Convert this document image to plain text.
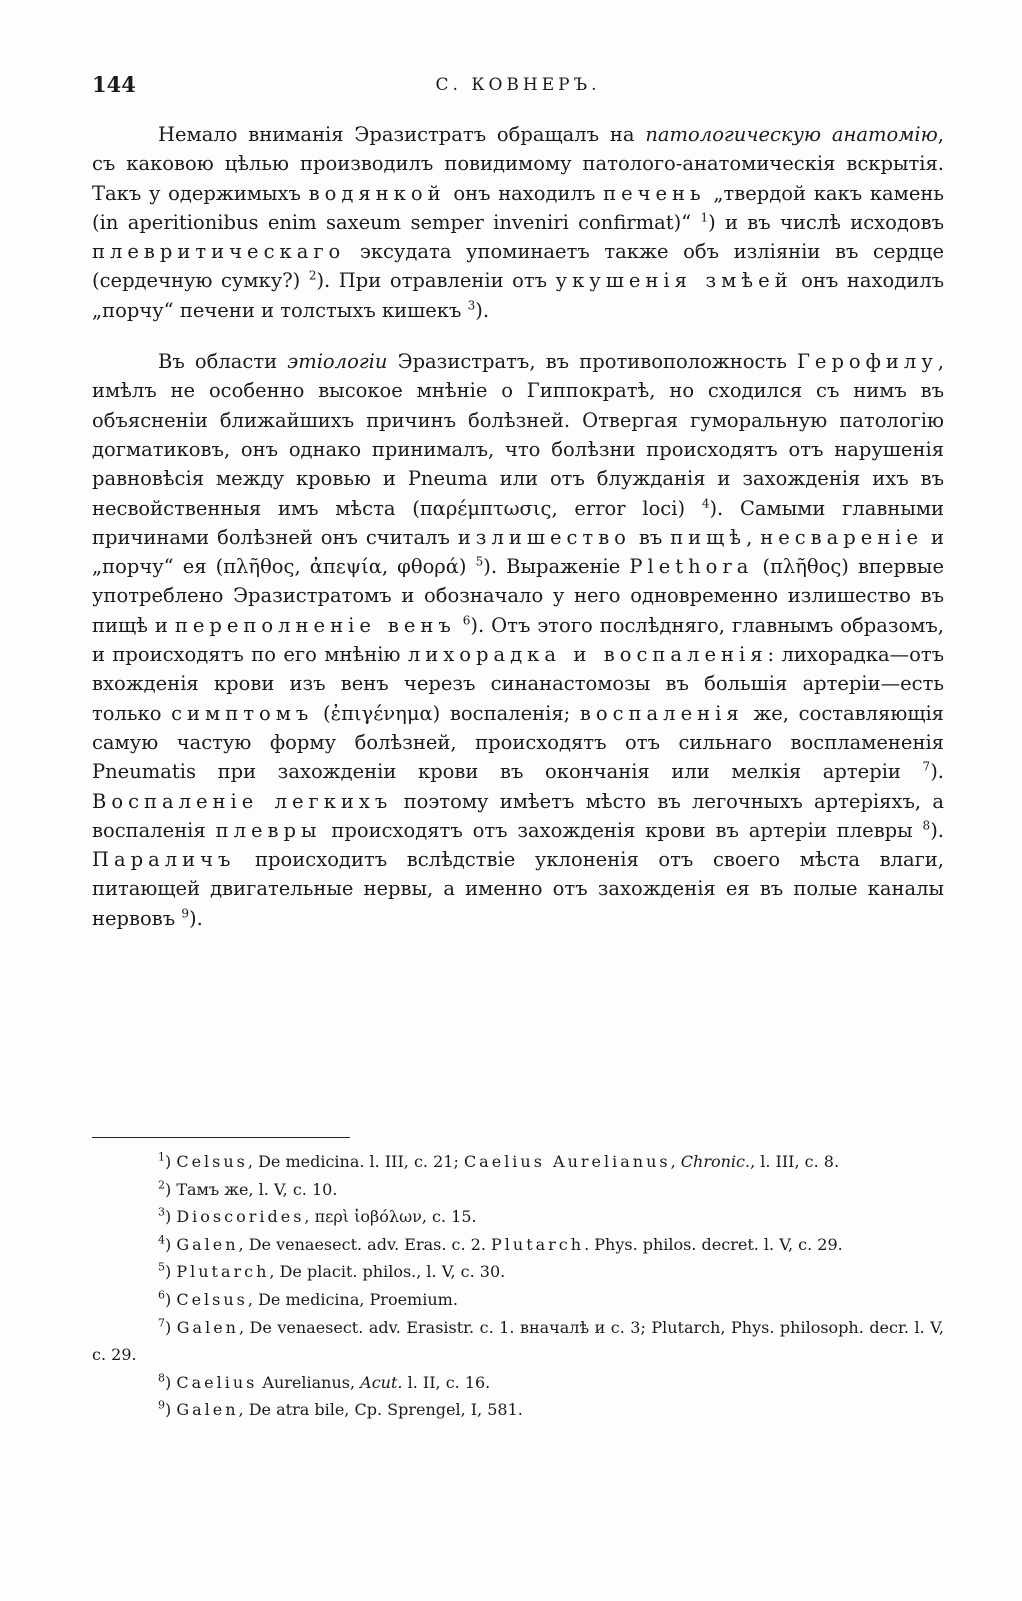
144	С. КОВНЕРЪ.

Немало вниманія Эразистратъ обращалъ на патологическую анатомію, съ каковою цѣлью производилъ повидимому патолого-анатомическія вскрытія. Такъ у одержимыхъ водянкой онъ находилъ печень „твердой какъ камень (in aperitionibus enim saxeum semper inveniri confirmat)“ $^1$) и въ числѣ исходовъ плевритическаго эксудата упоминаетъ также объ изліяніи въ сердце (сердечную сумку?) $^2$). При отравленіи отъ укушенія змѣей онъ находилъ „порчу“ печени и толстыхъ кишекъ $^3$).

Въ области этіологіи Эразистратъ, въ противоположность Герофилу, имѣлъ не особенно высокое мнѣніе о Гиппократѣ, но сходился съ нимъ въ объясненіи ближайшихъ причинъ болѣзней. Отвергая гуморальную патологію догматиковъ, онъ однако принималъ, что болѣзни происходятъ отъ нарушенія равновѣсія между кровью и Pneuma или отъ блужданія и захожденія ихъ въ несвойственныя имъ мѣста (παρέμπτωσις, error loci) $^4$). Самыми главными причинами болѣзней онъ считалъ излишество въ пищѣ, несвареніе и „порчу“ ея (πλῆθος, ἀπεψία, φθορά) $^5$). Выраженіе Plethora (πλῆθος) впервые употреблено Эразистратомъ и обозначало у него одновременно излишество въ пищѣ и переполненіе венъ $^6$). Отъ этого послѣдняго, главнымъ образомъ, и происходятъ по его мнѣнію лихорадка и воспаленія: лихорадка—отъ вхожденія крови изъ венъ черезъ синанастомозы въ большія артеріи—есть только симптомъ (ἐπιγένημα) воспаленія; воспаленія же, составляющія самую частую форму болѣзней, происходятъ отъ сильнаго воспламененія Pneumatis при захожденіи крови въ окончанія или мелкія артеріи $^7$). Воспаленіе легкихъ поэтому имѣетъ мѣсто въ легочныхъ артеріяхъ, а воспаленія плевры происходятъ отъ захожденія крови въ артеріи плевры $^8$). Параличъ происходитъ вслѣдствіе уклоненія отъ своего мѣста влаги, питающей двигательные нервы, а именно отъ захожденія ея въ полые каналы нервовъ $^9$).

$^1$) Celsus, De medicina. l. III, c. 21; Caelius Aurelianus, Chronic., l. III, c. 8.

$^2$) Тамъ же, l. V, c. 10.

$^3$) Dioscorides, περὶ ἰοβόλων, c. 15.

$^4$) Galen, De venaesect. adv. Eras. c. 2. Plutarch. Phys. philos. decret. l. V, c. 29.

$^5$) Plutarch, De placit. philos., l. V, c. 30.

$^6$) Celsus, De medicina, Proemium.

$^7$) Galen, De venaesect. adv. Erasistr. c. 1. вначалѣ и c. 3; Plutarch, Phys. philosoph. decr. l. V, c. 29.

$^8$) Caelius Aurelianus, Acut. l. II, c. 16.

$^9$) Galen, De atra bile, Cp. Sprengel, I, 581.
